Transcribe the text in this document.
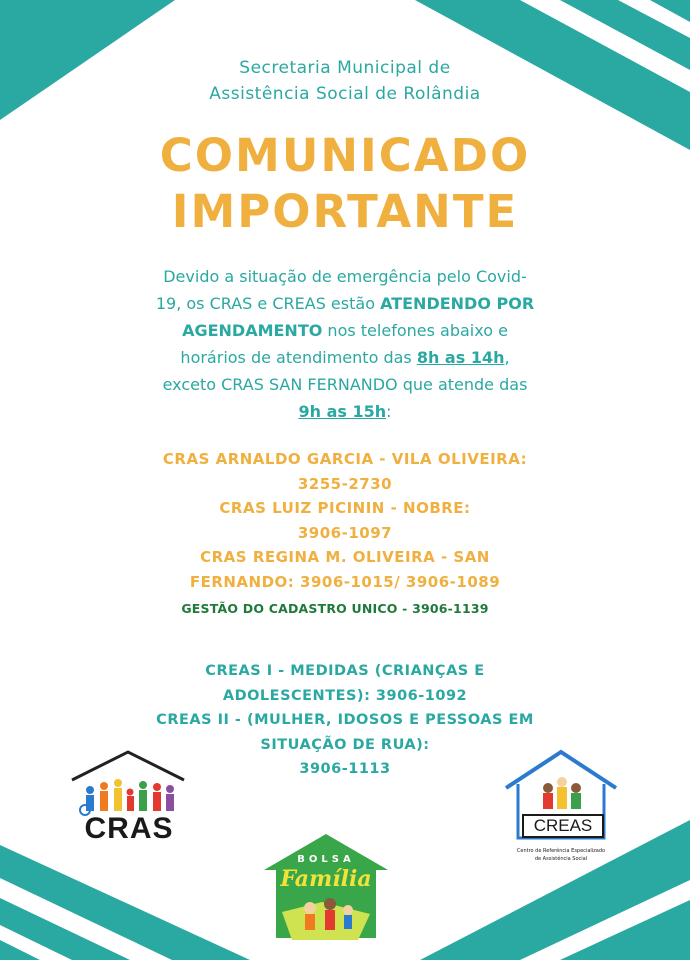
Secretaria Municipal de
Assistência Social de Rolândia
COMUNICADO
IMPORTANTE
Devido a situação de emergência pelo Covid-
19, os CRAS e CREAS estão ATENDENDO POR
AGENDAMENTO nos telefones abaixo e
horários de atendimento das 8h as 14h,
exceto CRAS SAN FERNANDO que atende das
9h as 15h:
CRAS ARNALDO GARCIA - VILA OLIVEIRA:
3255-2730
CRAS LUIZ PICININ - NOBRE:
3906-1097
CRAS REGINA M. OLIVEIRA - SAN
FERNANDO: 3906-1015/ 3906-1089
GESTÃO DO CADASTRO UNICO - 3906-1139
CREAS I - MEDIDAS (CRIANÇAS E
ADOLESCENTES): 3906-1092
CREAS II - (MULHER, IDOSOS E PESSOAS EM
SITUAÇÃO DE RUA):
3906-1113
CRAS
BOLSA
Família
CREAS
Centro de Referência Especializado
de Assistência Social
